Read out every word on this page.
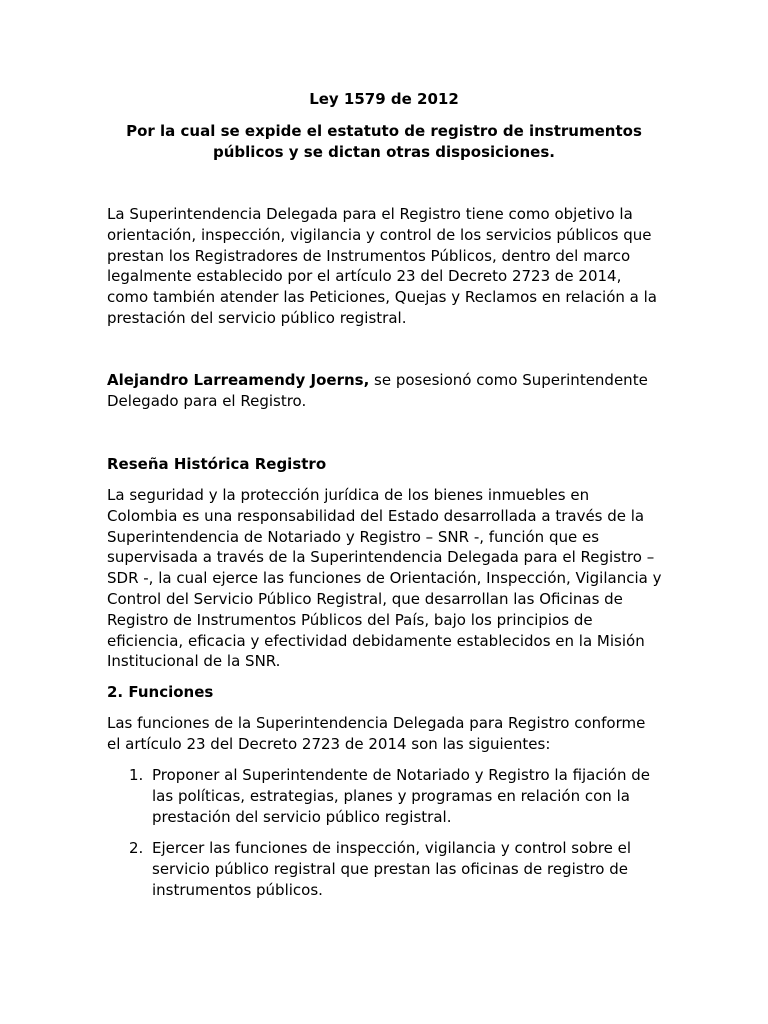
Ley 1579 de 2012

Por la cual se expide el estatuto de registro de instrumentos públicos y se dictan otras disposiciones.

La Superintendencia Delegada para el Registro tiene como objetivo la orientación, inspección, vigilancia y control de los servicios públicos que prestan los Registradores de Instrumentos Públicos, dentro del marco legalmente establecido por el artículo 23 del Decreto 2723 de 2014, como también atender las Peticiones, Quejas y Reclamos en relación a la prestación del servicio público registral.

Alejandro Larreamendy Joerns, se posesionó como Superintendente Delegado para el Registro.

Reseña Histórica Registro

La seguridad y la protección jurídica de los bienes inmuebles en Colombia es una responsabilidad del Estado desarrollada a través de la Superintendencia de Notariado y Registro – SNR -, función que es supervisada a través de la Superintendencia Delegada para el Registro – SDR -, la cual ejerce las funciones de Orientación, Inspección, Vigilancia y Control del Servicio Público Registral, que desarrollan las Oficinas de Registro de Instrumentos Públicos del País, bajo los principios de eficiencia, eficacia y efectividad debidamente establecidos en la Misión Institucional de la SNR.

2. Funciones

Las funciones de la Superintendencia Delegada para Registro conforme el artículo 23 del Decreto 2723 de 2014 son las siguientes:

1. Proponer al Superintendente de Notariado y Registro la fijación de las políticas, estrategias, planes y programas en relación con la prestación del servicio público registral.
2. Ejercer las funciones de inspección, vigilancia y control sobre el servicio público registral que prestan las oficinas de registro de instrumentos públicos.
